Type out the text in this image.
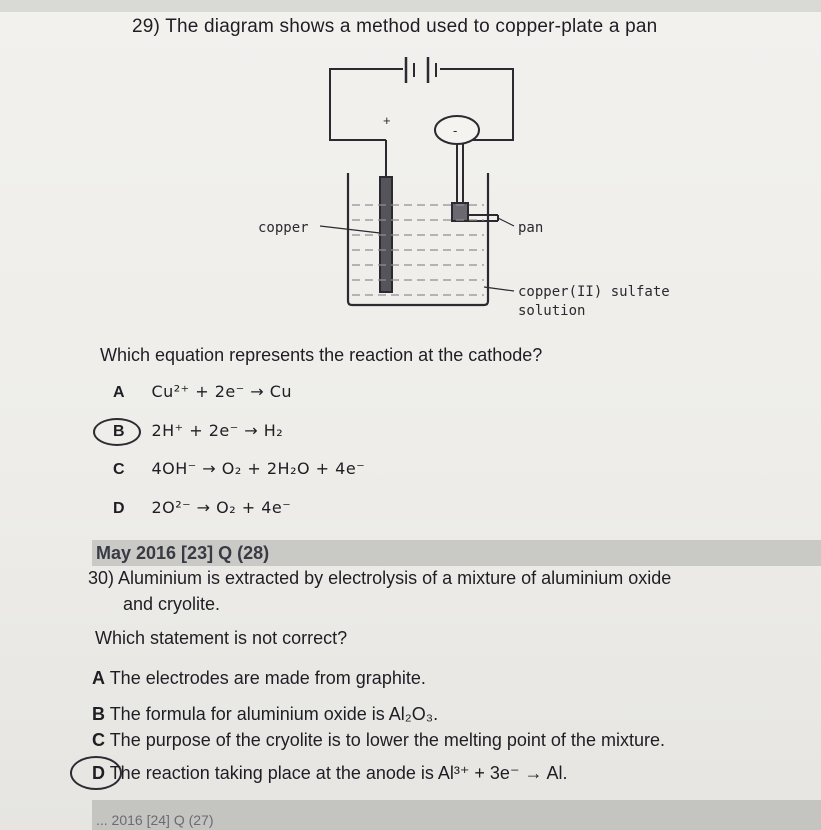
29) The diagram shows a method used to copper-plate a pan
copper	pan
copper(II) sulfate
solution
+
-
Which equation represents the reaction at the cathode?
A Cu²⁺ + 2e⁻ → Cu
B 2H⁺ + 2e⁻ → H₂
C 4OH⁻ → O₂ + 2H₂O + 4e⁻
D 2O²⁻ → O₂ + 4e⁻
May 2016 [23] Q (28)
30) Aluminium is extracted by electrolysis of a mixture of aluminium oxide
and cryolite.
Which statement is not correct?
A The electrodes are made from graphite.
B The formula for aluminium oxide is Al₂O₃.
C The purpose of the cryolite is to lower the melting point of the mixture.
D The reaction taking place at the anode is Al³⁺ + 3e⁻ → Al.
... 2016 [24] Q (27)
